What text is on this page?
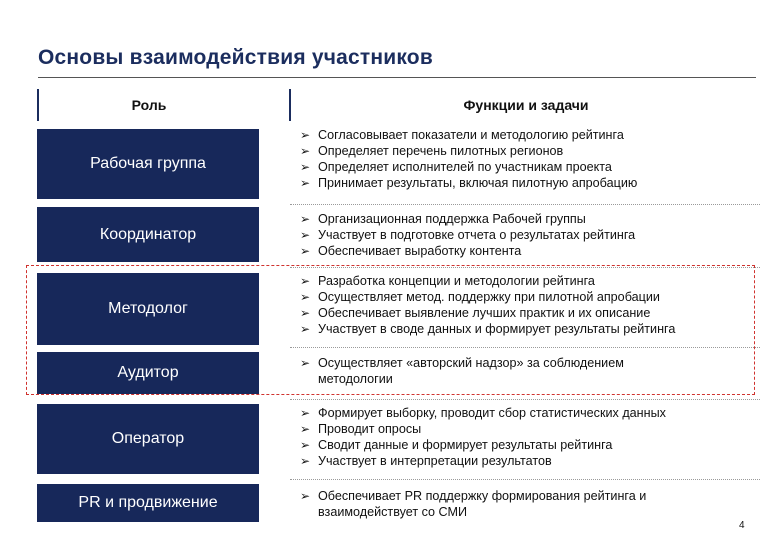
Основы взаимодействия участников
Роль	Функции и задачи
Рабочая группа
➢ Согласовывает показатели и методологию рейтинга
➢ Определяет перечень пилотных регионов
➢ Определяет исполнителей по участникам проекта
➢ Принимает результаты, включая пилотную апробацию
Координатор
➢ Организационная поддержка Рабочей группы
➢ Участвует в подготовке отчета о результатах рейтинга
➢ Обеспечивает выработку контента
Методолог
➢ Разработка концепции и методологии рейтинга
➢ Осуществляет метод. поддержку при пилотной апробации
➢ Обеспечивает выявление лучших практик и их описание
➢ Участвует в своде данных и формирует результаты рейтинга
Аудитор
➢ Осуществляет «авторский надзор» за соблюдением методологии
Оператор
➢ Формирует выборку, проводит сбор статистических данных
➢ Проводит опросы
➢ Сводит данные и формирует результаты рейтинга
➢ Участвует в интерпретации результатов
PR и продвижение	➢ Обеспечивает PR поддержку формирования рейтинга и взаимодействует со СМИ
4
